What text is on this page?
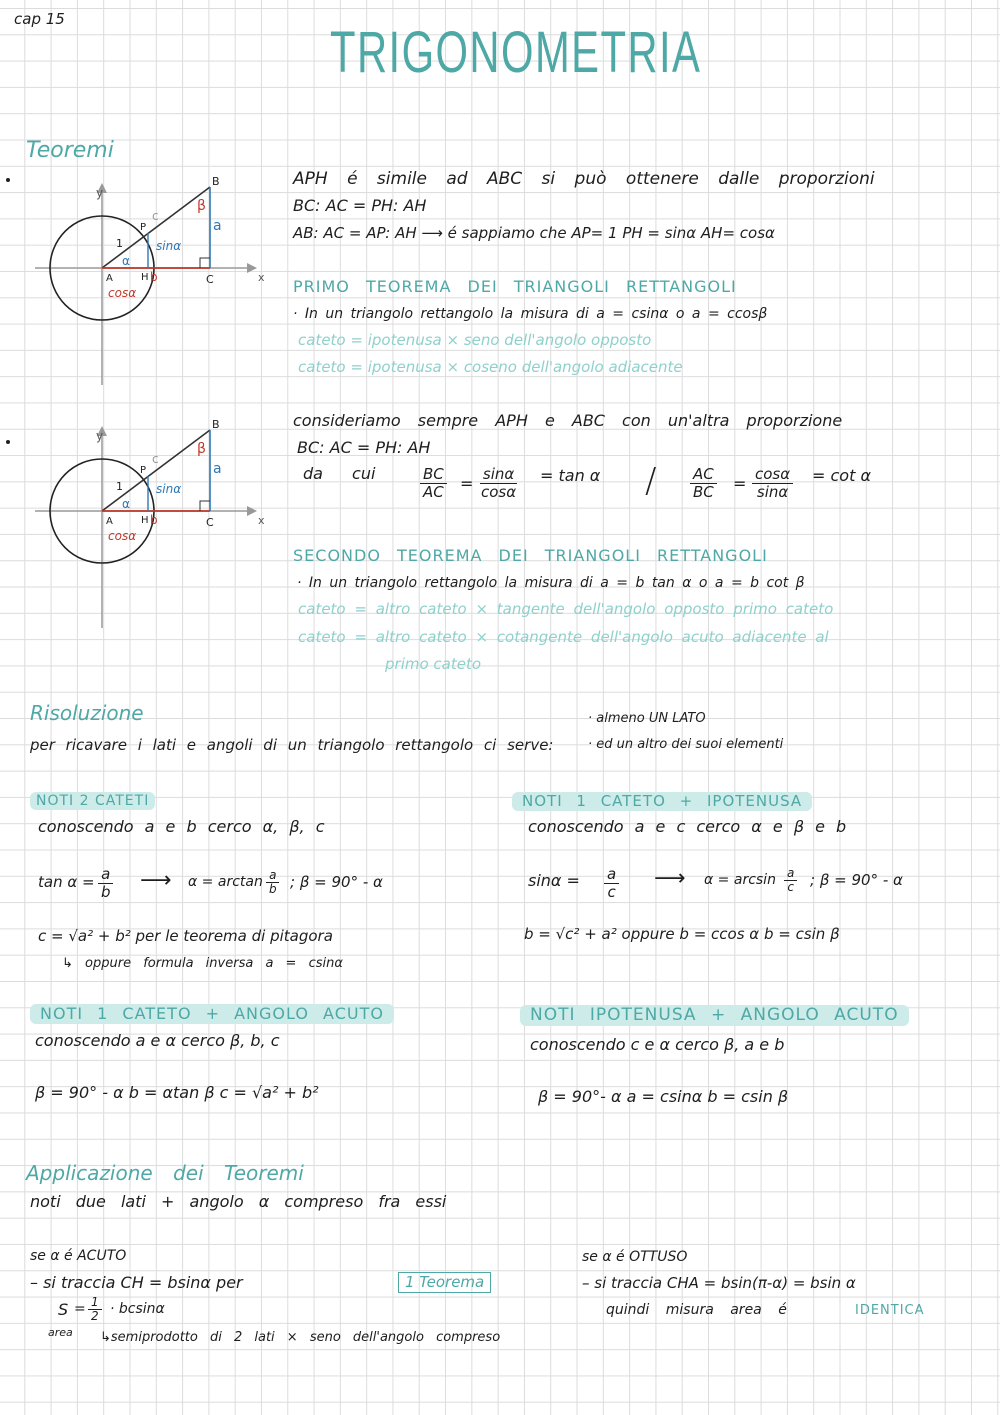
cap 15
TRIGONOMETRIA
Teoremi
y
x
B
C
A	H
P
c
a
b
β
α
1	sinα
cosα
APH é simile ad ABC si può ottenere dalle proporzioni
BC: AC = PH: AH
AB: AC = AP: AH ⟶ é sappiamo che AP= 1 PH = sinα AH= cosα
PRIMO TEOREMA DEI TRIANGOLI RETTANGOLI
· In un triangolo rettangolo la misura di a = csinα o a = ccosβ
cateto = ipotenusa × seno dell'angolo opposto
cateto = ipotenusa × coseno dell'angolo adiacente
y
x
B
C
A	H
P
c
a
b
β
α
1	sinα
cosα
consideriamo sempre APH e ABC con un'altra proporzione
BC: AC = PH: AH
da cui	$\frac{BC}{AC} = \frac{\sin\alpha}{\cos\alpha} = \tan \alpha / \frac{AC}{BC} = \frac{\cos\alpha}{\sin\alpha} = \cot \alpha$
SECONDO TEOREMA DEI TRIANGOLI RETTANGOLI
· In un triangolo rettangolo la misura di a = b tan α o a = b cot β
cateto = altro cateto × tangente dell'angolo opposto primo cateto
cateto = altro cateto × cotangente dell'angolo acuto adiacente al
primo cateto
Risoluzione	· almeno UN LATO
per ricavare i lati e angoli di un triangolo rettangolo ci serve:	· ed un altro dei suoi elementi
NOTI 2 CATETI
conoscendo a e b cerco α, β, c
$\tan \alpha = \frac{a}{b}$ ⟶ $\alpha = \arctan \frac{a}{b}$ ; β = 90° - α
c = √a² + b² per le teorema di pitagora
↳ oppure formula inversa a = csinα
NOTI 1 CATETO + IPOTENUSA
conoscendo a e c cerco α e β e b
$\sin\alpha = \frac{a}{c}$ ⟶ $\alpha = \arcsin \frac{a}{c}$ ; β = 90° - α
b = √c² + a² oppure b = ccos α b = csin β
NOTI 1 CATETO + ANGOLO ACUTO
conoscendo a e α cerco β, b, c
β = 90° - α b = αtan β c = √a² + b²
NOTI IPOTENUSA + ANGOLO ACUTO
conoscendo c e α cerco β, a e b
β = 90°- α a = csinα b = csin β
Applicazione dei Teoremi
noti due lati + angolo α compreso fra essi
se α é ACUTO
– si traccia CH = bsinα per	1 Teorema
$S = \frac{1}{2} \cdot bcsin\alpha$
area ↳semiprodotto di 2 lati × seno dell'angolo compreso
se α é OTTUSO
– si traccia CHA = bsin(π-α) = bsin α
quindi misura area é	IDENTICA
